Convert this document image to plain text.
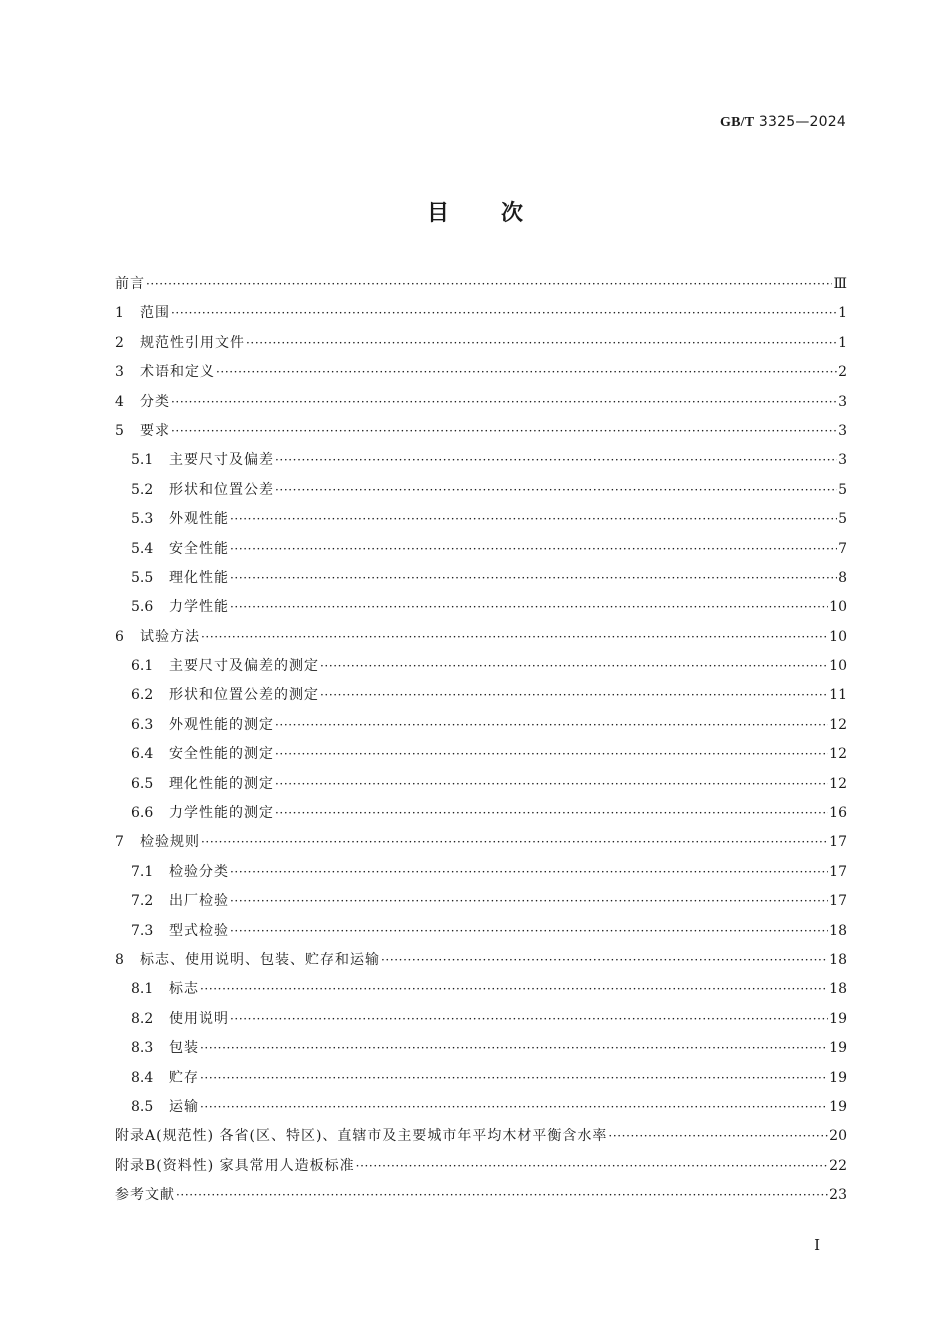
GB/T 3325—2024
目次
前言 ·····	Ⅲ
1	范围 ·····	1
2	规范性引用文件 ·····	1
3	术语和定义 ·····	2
4	分类 ·····	3
5	要求 ·····	3
5.1	主要尺寸及偏差 ·····	3
5.2	形状和位置公差 ·····	5
5.3	外观性能 ·····	5
5.4	安全性能 ·····	7
5.5	理化性能 ·····	8
5.6	力学性能 ·····	10
6	试验方法 ·····	10
6.1	主要尺寸及偏差的测定 ·····	10
6.2	形状和位置公差的测定 ·····	11
6.3	外观性能的测定 ·····	12
6.4	安全性能的测定 ·····	12
6.5	理化性能的测定 ·····	12
6.6	力学性能的测定 ·····	16
7	检验规则 ·····	17
7.1	检验分类 ·····	17
7.2	出厂检验 ·····	17
7.3	型式检验 ·····	18
8	标志、使用说明、包装、贮存和运输 ·····	18
8.1	标志 ·····	18
8.2	使用说明 ·····	19
8.3	包装 ·····	19
8.4	贮存 ·····	19
8.5	运输 ·····	19
附录A(规范性) 各省(区、特区)、直辖市及主要城市年平均木材平衡含水率 ·····	20
附录B(资料性) 家具常用人造板标准 ·····	22
参考文献 ·····	23
Ⅰ
